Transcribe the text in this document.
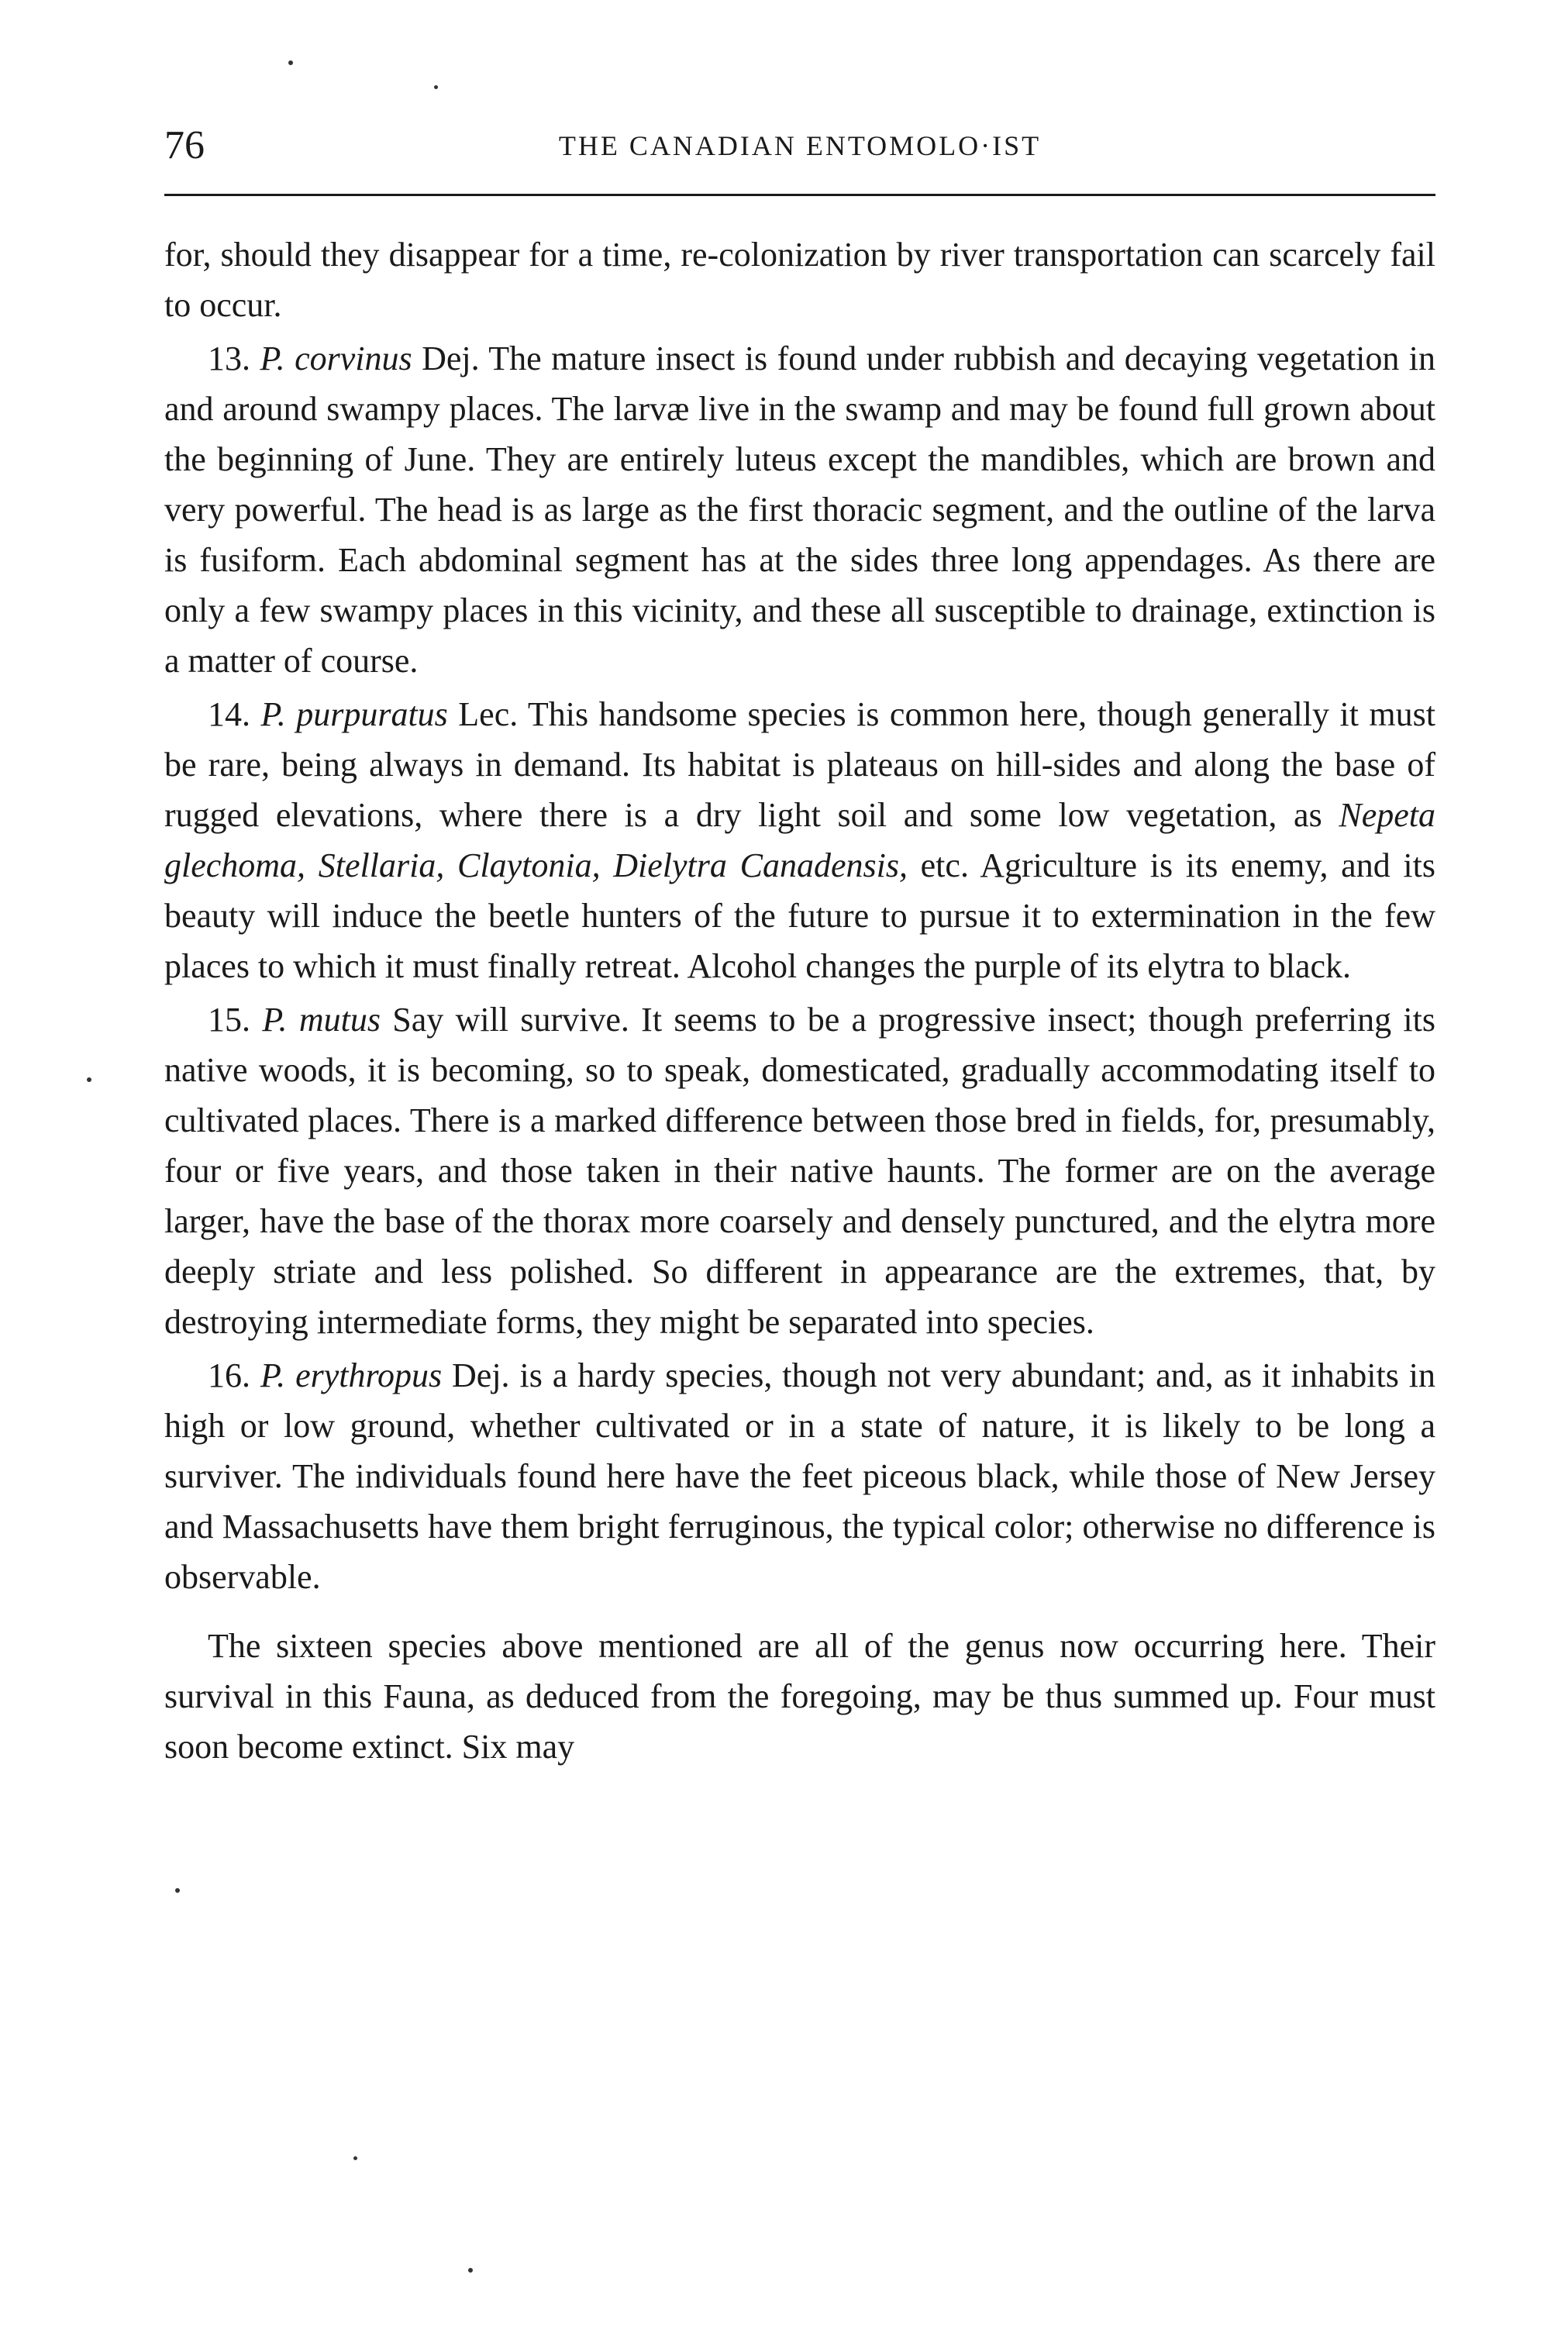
76	THE CANADIAN ENTOMOLO·IST

for, should they disappear for a time, re-colonization by river transportation can scarcely fail to occur.

13. P. corvinus Dej. The mature insect is found under rubbish and decaying vegetation in and around swampy places. The larvæ live in the swamp and may be found full grown about the beginning of June. They are entirely luteus except the mandibles, which are brown and very powerful. The head is as large as the first thoracic segment, and the outline of the larva is fusiform. Each abdominal segment has at the sides three long appendages. As there are only a few swampy places in this vicinity, and these all susceptible to drainage, extinction is a matter of course.

14. P. purpuratus Lec. This handsome species is common here, though generally it must be rare, being always in demand. Its habitat is plateaus on hill-sides and along the base of rugged elevations, where there is a dry light soil and some low vegetation, as Nepeta glechoma, Stellaria, Claytonia, Dielytra Canadensis, etc. Agriculture is its enemy, and its beauty will induce the beetle hunters of the future to pursue it to extermination in the few places to which it must finally retreat. Alcohol changes the purple of its elytra to black.

15. P. mutus Say will survive. It seems to be a progressive insect; though preferring its native woods, it is becoming, so to speak, domesticated, gradually accommodating itself to cultivated places. There is a marked difference between those bred in fields, for, presumably, four or five years, and those taken in their native haunts. The former are on the average larger, have the base of the thorax more coarsely and densely punctured, and the elytra more deeply striate and less polished. So different in appearance are the extremes, that, by destroying intermediate forms, they might be separated into species.

16. P. erythropus Dej. is a hardy species, though not very abundant; and, as it inhabits in high or low ground, whether cultivated or in a state of nature, it is likely to be long a surviver. The individuals found here have the feet piceous black, while those of New Jersey and Massachusetts have them bright ferruginous, the typical color; otherwise no difference is observable.

The sixteen species above mentioned are all of the genus now occurring here. Their survival in this Fauna, as deduced from the foregoing, may be thus summed up. Four must soon become extinct. Six may
